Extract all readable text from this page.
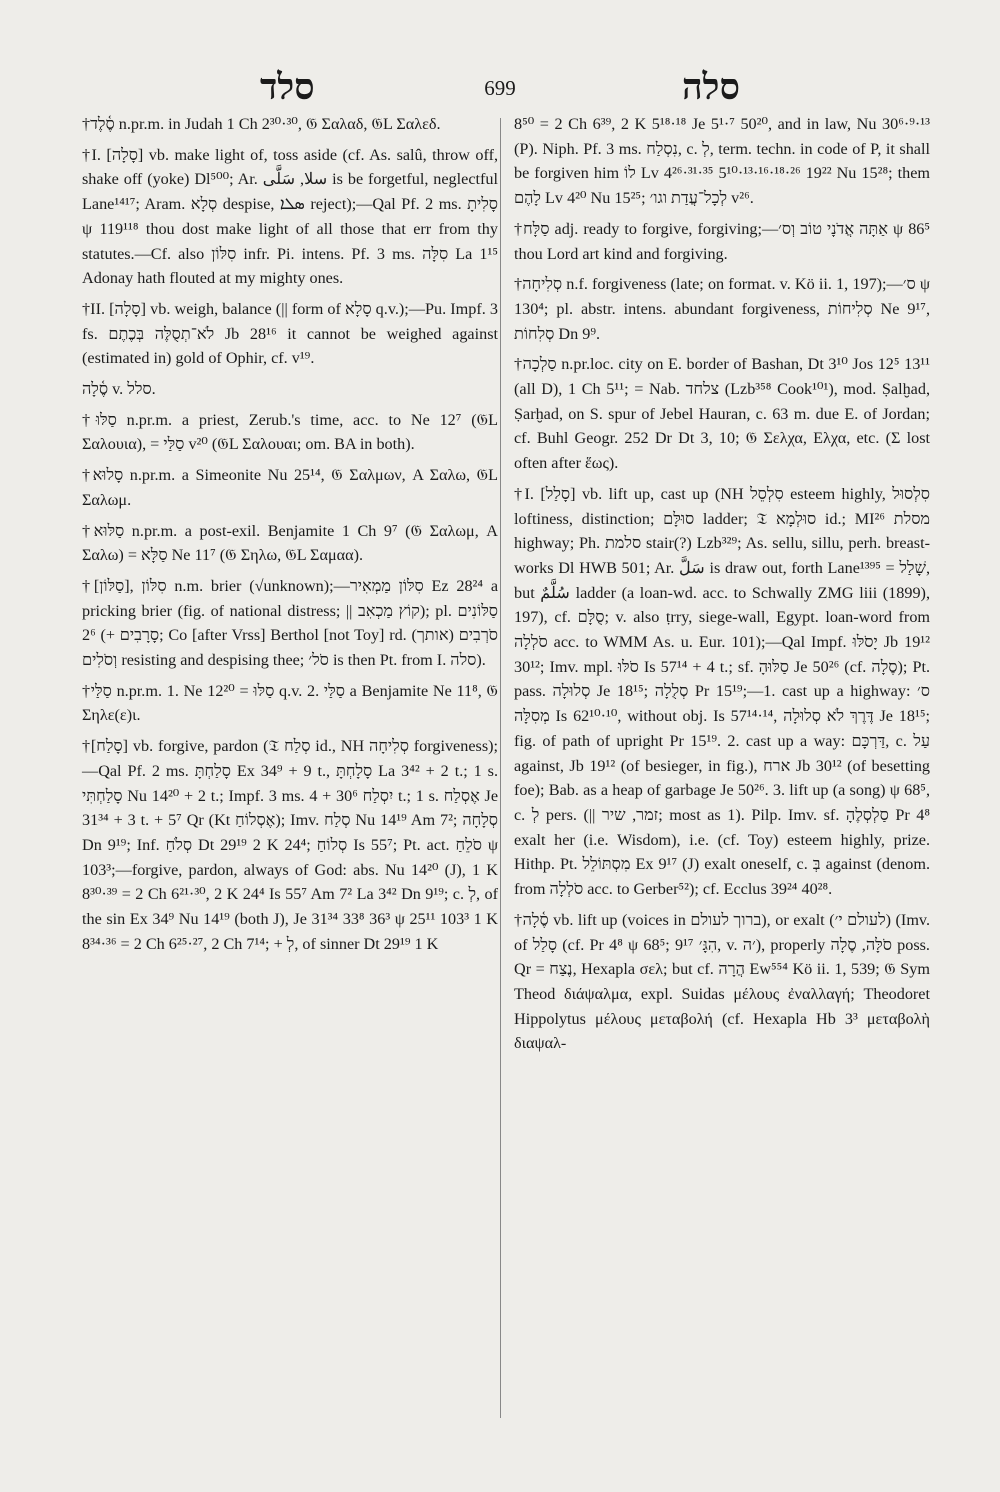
סלד	699	סלה

†סֶ֫לֶד n.pr.m. in Judah 1 Ch 2³⁰·³⁰, 𝔊 Σαλαδ, 𝔊L Σαλεδ.

†I. [סָלָה] vb. make light of, toss aside (cf. As. salû, throw off, shake off (yoke) Dl⁵⁰⁰; Ar. سلا, سَلَّى is be forgetful, neglectful Lane¹⁴¹⁷; Aram. סְלָא despise, ܣܠܐ reject);—Qal Pf. 2 ms. סָלִיתָ ψ 119¹¹⁸ thou dost make light of all those that err from thy statutes.—Cf. also סִלּוֹן infr. Pi. intens. Pf. 3 ms. סִלָּה La 1¹⁵ Adonay hath flouted at my mighty ones.

†II. [סָלָה] vb. weigh, balance (|| form of סָלָא q.v.);—Pu. Impf. 3 fs. לֹא־תְסֻלֶּה בְּכֶתֶם Jb 28¹⁶ it cannot be weighed against (estimated in) gold of Ophir, cf. v¹⁹.

סֶ֫לָה v. סלל.

†סַלּוּ n.pr.m. a priest, Zerub.'s time, acc. to Ne 12⁷ (𝔊L Σαλουια), = סַלַּי v²⁰ (𝔊L Σαλουαι; om. BA in both).

†סָלוּא n.pr.m. a Simeonite Nu 25¹⁴, 𝔊 Σαλμων, A Σαλω, 𝔊L Σαλωμ.

†סַלּוּא n.pr.m. a post-exil. Benjamite 1 Ch 9⁷ (𝔊 Σαλωμ, A Σαλω) = סַלָּא Ne 11⁷ (𝔊 Σηλω, 𝔊L Σαμαα).

†[סַלּוֹן], סִלּוֹן n.m. brier (√unknown);—סִלּוֹן מַמְאִיר Ez 28²⁴ a pricking brier (fig. of national distress; || קוֹץ מַכְאִב); pl. סַלּוֹנִים 2⁶ (+ סָרָבִים; Co [after Vrss] Berthol [not Toy] rd. (אותך) סֹרְבִים וְסֹלִים resisting and despising thee; סֹל׳ is then Pt. from I. סלה).

†סַלַּי n.pr.m. 1. Ne 12²⁰ = סַלּוּ q.v. 2. סַלַּי a Benjamite Ne 11⁸, 𝔊 Σηλε(ε)ι.

†[סָלַח] vb. forgive, pardon (𝔗 סְלַח id., NH סְלִיחָה forgiveness);—Qal Pf. 2 ms. סָלַחְתָּ Ex 34⁹ + 9 t., סָלָחְתָּ La 3⁴² + 2 t.; 1 s. סָלַחְתִּי Nu 14²⁰ + 2 t.; Impf. 3 ms. יִסְלַח 30⁶ + 4 t.; 1 s. אֶסְלַח Je 31³⁴ + 3 t. + 5⁷ Qr (Kt אֶסְלוֹחַ); Imv. סְלַח Nu 14¹⁹ Am 7²; סְלָחָה Dn 9¹⁹; Inf. סְלֹחַ Dt 29¹⁹ 2 K 24⁴; סְלוֹחַ Is 55⁷; Pt. act. סֹלֵחַ ψ 103³;—forgive, pardon, always of God: abs. Nu 14²⁰ (J), 1 K 8³⁰·³⁹ = 2 Ch 6²¹·³⁰, 2 K 24⁴ Is 55⁷ Am 7² La 3⁴² Dn 9¹⁹; c. לְ, of the sin Ex 34⁹ Nu 14¹⁹ (both J), Je 31³⁴ 33⁸ 36³ ψ 25¹¹ 103³ 1 K 8³⁴·³⁶ = 2 Ch 6²⁵·²⁷, 2 Ch 7¹⁴; + לְ, of sinner Dt 29¹⁹ 1 K

8⁵⁰ = 2 Ch 6³⁹, 2 K 5¹⁸·¹⁸ Je 5¹·⁷ 50²⁰, and in law, Nu 30⁶·⁹·¹³ (P). Niph. Pf. 3 ms. נִסְלַח, c. לְ, term. techn. in code of P, it shall be forgiven him לוֹ Lv 4²⁶·³¹·³⁵ 5¹⁰·¹³·¹⁶·¹⁸·²⁶ 19²² Nu 15²⁸; them לָהֶם Lv 4²⁰ Nu 15²⁵; לְכָל־עֲדַת וגו׳ v²⁶.

†סַלָּח adj. ready to forgive, forgiving;—אַתָּה אֲדֹנָי טוֹב וְס׳ ψ 86⁵ thou Lord art kind and forgiving.

†סְלִיחָה n.f. forgiveness (late; on format. v. Kö ii. 1, 197);—ס׳ ψ 130⁴; pl. abstr. intens. abundant forgiveness, סְלִיחוֹת Ne 9¹⁷, סְלִחוֹת Dn 9⁹.

†סַלְכָה n.pr.loc. city on E. border of Bashan, Dt 3¹⁰ Jos 12⁵ 13¹¹ (all D), 1 Ch 5¹¹; = Nab. צלחד (Lzb³⁵⁸ Cook¹⁰¹), mod. Ṣalḫad, Ṣarḫad, on S. spur of Jebel Hauran, c. 63 m. due E. of Jordan; cf. Buhl Geogr. 252 Dr Dt 3, 10; 𝔊 Σελχα, Ελχα, etc. (Σ lost often after ἕως).

†I. [סָלַל] vb. lift up, cast up (NH סִלְסֵל esteem highly, סִלְסוּל loftiness, distinction; סוּלָּם ladder; 𝔗 סוּלְמָא id.; MI²⁶ מסלת highway; Ph. סלמת stair(?) Lzb³²⁹; As. sellu, sillu, perh. breast-works Dl HWB 501; Ar. سَلَّ is draw out, forth Lane¹³⁹⁵ = שָׁלַל, but سُلَّمٌ ladder (a loan-wd. acc. to Schwally ZMG liii (1899), 197), cf. סֻלָּם; v. also ṭrry, siege-wall, Egypt. loan-word from סֹלְלָה acc. to WMM As. u. Eur. 101);—Qal Impf. יָסֹלּוּ Jb 19¹² 30¹²; Imv. mpl. סֹלּוּ Is 57¹⁴ + 4 t.; sf. סַלּוּהָ Je 50²⁶ (cf. סֶלָה); Pt. pass. סְלוּלָה Je 18¹⁵; סְלֻלָה Pr 15¹⁹;—1. cast up a highway: ס׳ מְסִלָּה Is 62¹⁰·¹⁰, without obj. Is 57¹⁴·¹⁴, דֶּרֶךְ לֹא סְלוּלָה Je 18¹⁵; fig. of path of upright Pr 15¹⁹. 2. cast up a way: דַּרְכָּם, c. עַל against, Jb 19¹² (of besieger, in fig.), ארח Jb 30¹² (of besetting foe); Bab. as a heap of garbage Je 50²⁶. 3. lift up (a song) ψ 68⁵, c. לְ pers. (|| זמר, שיר; most as 1). Pilp. Imv. sf. סַלְסְלֶהָ Pr 4⁸ exalt her (i.e. Wisdom), i.e. (cf. Toy) esteem highly, prize. Hithp. Pt. מִסְתּוֹלֵל Ex 9¹⁷ (J) exalt oneself, c. בְּ against (denom. from סֹלְלָה acc. to Gerber⁵²); cf. Ecclus 39²⁴ 40²⁸.

†סֶ֫לָה vb. lift up (voices in ברוך לעולם), or exalt (לעולם י׳) (Imv. of סָלַל (cf. Pr 4⁸ ψ 68⁵; הִגָּ׳ 9¹⁷, v. ׳ה), properly סֹלָּה, סֶלָה poss. Qr = נֶצַח, Hexapla σελ; but cf. הֲרָה Ew⁵⁵⁴ Kö ii. 1, 539; 𝔊 Sym Theod διάψαλμα, expl. Suidas μέλους ἐναλλαγή; Theodoret Hippolytus μέλους μεταβολή (cf. Hexapla Hb 3³ μεταβολὴ διαψαλ-
